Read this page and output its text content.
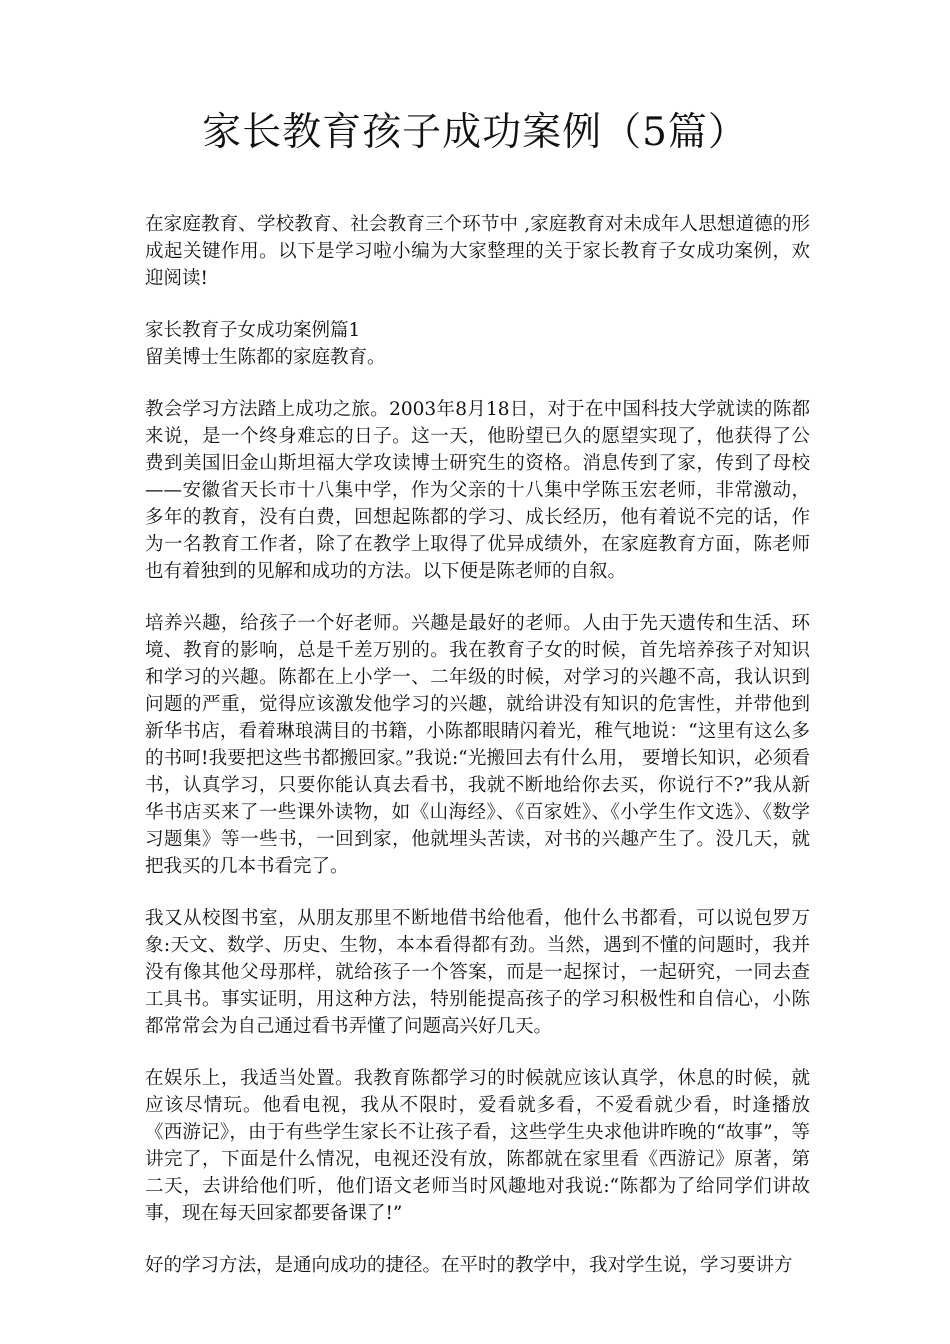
家长教育孩子成功案例（5篇）

在家庭教育、学校教育、社会教育三个环节中 ,家庭教育对未成年人思想道德的形成起关键作用。以下是学习啦小编为大家整理的关于家长教育子女成功案例，欢迎阅读!

家长教育子女成功案例篇1

留美博士生陈都的家庭教育。

教会学习方法踏上成功之旅。2003年8月18日，对于在中国科技大学就读的陈都来说，是一个终身难忘的日子。这一天，他盼望已久的愿望实现了，他获得了公费到美国旧金山斯坦福大学攻读博士研究生的资格。消息传到了家，传到了母校——安徽省天长市十八集中学，作为父亲的十八集中学陈玉宏老师，非常激动，多年的教育，没有白费，回想起陈都的学习、成长经历，他有着说不完的话，作为一名教育工作者，除了在教学上取得了优异成绩外，在家庭教育方面，陈老师也有着独到的见解和成功的方法。以下便是陈老师的自叙。

培养兴趣，给孩子一个好老师。兴趣是最好的老师。人由于先天遗传和生活、环境、教育的影响，总是千差万别的。我在教育子女的时候，首先培养孩子对知识和学习的兴趣。陈都在上小学一、二年级的时候，对学习的兴趣不高，我认识到问题的严重，觉得应该激发他学习的兴趣，就给讲没有知识的危害性，并带他到新华书店，看着琳琅满目的书籍，小陈都眼睛闪着光，稚气地说：“这里有这么多的书呵!我要把这些书都搬回家。”我说:“光搬回去有什么用， 要增长知识，必须看书，认真学习，只要你能认真去看书，我就不断地给你去买，你说行不?”我从新华书店买来了一些课外读物，如《山海经》、《百家姓》、《小学生作文选》、《数学习题集》等一些书，一回到家，他就埋头苦读，对书的兴趣产生了。没几天，就把我买的几本书看完了。

我又从校图书室，从朋友那里不断地借书给他看，他什么书都看，可以说包罗万象:天文、数学、历史、生物，本本看得都有劲。当然，遇到不懂的问题时，我并没有像其他父母那样，就给孩子一个答案，而是一起探讨，一起研究，一同去查工具书。事实证明，用这种方法，特别能提高孩子的学习积极性和自信心，小陈都常常会为自己通过看书弄懂了问题高兴好几天。

在娱乐上，我适当处置。我教育陈都学习的时候就应该认真学，休息的时候，就应该尽情玩。他看电视，我从不限时，爱看就多看，不爱看就少看，时逢播放《西游记》，由于有些学生家长不让孩子看，这些学生央求他讲昨晚的“故事”，等讲完了，下面是什么情况，电视还没有放，陈都就在家里看《西游记》原著，第二天，去讲给他们听，他们语文老师当时风趣地对我说:“陈都为了给同学们讲故事，现在每天回家都要备课了!”

好的学习方法，是通向成功的捷径。在平时的教学中，我对学生说，学习要讲方
